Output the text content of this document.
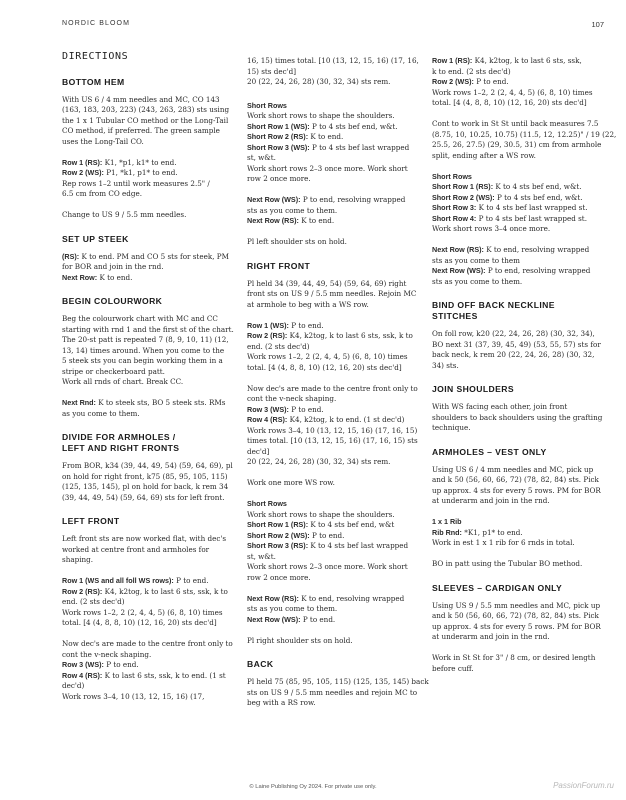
NORDIC BLOOM	107
DIRECTIONS
BOTTOM HEM

With US 6 / 4 mm needles and MC, CO 143
(163, 183, 203, 223) (243, 263, 283) sts using
the 1 x 1 Tubular CO method or the Long-Tail
CO method, if preferred. The green sample
uses the Long-Tail CO.

Row 1 (RS): K1, *p1, k1* to end.
Row 2 (WS): P1, *k1, p1* to end.
Rep rows 1–2 until work measures 2.5" /
6.5 cm from CO edge.

Change to US 9 / 5.5 mm needles.

SET UP STEEK

(RS): K to end. PM and CO 5 sts for steek, PM
for BOR and join in the rnd.
Next Row: K to end.

BEGIN COLOURWORK

Beg the colourwork chart with MC and CC
starting with rnd 1 and the first st of the chart.
The 20-st patt is repeated 7 (8, 9, 10, 11) (12,
13, 14) times around. When you come to the
5 steek sts you can begin working them in a
stripe or checkerboard patt.
Work all rnds of chart. Break CC.

Next Rnd: K to steek sts, BO 5 steek sts. RMs
as you come to them.

DIVIDE FOR ARMHOLES /
LEFT AND RIGHT FRONTS

From BOR, k34 (39, 44, 49, 54) (59, 64, 69), pl
on hold for right front, k75 (85, 95, 105, 115)
(125, 135, 145), pl on hold for back, k rem 34
(39, 44, 49, 54) (59, 64, 69) sts for left front.

LEFT FRONT

Left front sts are now worked flat, with dec's
worked at centre front and armholes for
shaping.

Row 1 (WS and all foll WS rows): P to end.
Row 2 (RS): K4, k2tog, k to last 6 sts, ssk, k to
end. (2 sts dec'd)
Work rows 1–2, 2 (2, 4, 4, 5) (6, 8, 10) times
total. [4 (4, 8, 8, 10) (12, 16, 20) sts dec'd]

Now dec's are made to the centre front only to
cont the v-neck shaping.
Row 3 (WS): P to end.
Row 4 (RS): K to last 6 sts, ssk, k to end. (1 st
dec'd)
Work rows 3–4, 10 (13, 12, 15, 16) (17,

16, 15) times total. [10 (13, 12, 15, 16) (17, 16,
15) sts dec'd]
20 (22, 24, 26, 28) (30, 32, 34) sts rem.

Short Rows
Work short rows to shape the shoulders.
Short Row 1 (WS): P to 4 sts bef end, w&t.
Short Row 2 (RS): K to end.
Short Row 3 (WS): P to 4 sts bef last wrapped
st, w&t.
Work short rows 2–3 once more. Work short
row 2 once more.

Next Row (WS): P to end, resolving wrapped
sts as you come to them.
Next Row (RS): K to end.

Pl left shoulder sts on hold.

RIGHT FRONT

Pl held 34 (39, 44, 49, 54) (59, 64, 69) right
front sts on US 9 / 5.5 mm needles. Rejoin MC
at armhole to beg with a WS row.

Row 1 (WS): P to end.
Row 2 (RS): K4, k2tog, k to last 6 sts, ssk, k to
end. (2 sts dec'd)
Work rows 1–2, 2 (2, 4, 4, 5) (6, 8, 10) times
total. [4 (4, 8, 8, 10) (12, 16, 20) sts dec'd]

Now dec's are made to the centre front only to
cont the v-neck shaping.
Row 3 (WS): P to end.
Row 4 (RS): K4, k2tog, k to end. (1 st dec'd)
Work rows 3–4, 10 (13, 12, 15, 16) (17, 16, 15)
times total. [10 (13, 12, 15, 16) (17, 16, 15) sts
dec'd]
20 (22, 24, 26, 28) (30, 32, 34) sts rem.

Work one more WS row.

Short Rows
Work short rows to shape the shoulders.
Short Row 1 (RS): K to 4 sts bef end, w&t
Short Row 2 (WS): P to end.
Short Row 3 (RS): K to 4 sts bef last wrapped
st, w&t.
Work short rows 2–3 once more. Work short
row 2 once more.

Next Row (RS): K to end, resolving wrapped
sts as you come to them.
Next Row (WS): P to end.

Pl right shoulder sts on hold.

BACK

Pl held 75 (85, 95, 105, 115) (125, 135, 145) back
sts on US 9 / 5.5 mm needles and rejoin MC to
beg with a RS row.

Row 1 (RS): K4, k2tog, k to last 6 sts, ssk,
k to end. (2 sts dec'd)
Row 2 (WS): P to end.
Work rows 1–2, 2 (2, 4, 4, 5) (6, 8, 10) times
total. [4 (4, 8, 8, 10) (12, 16, 20) sts dec'd]

Cont to work in St St until back measures 7.5
(8.75, 10, 10.25, 10.75) (11.5, 12, 12.25)" / 19 (22,
25.5, 26, 27.5) (29, 30.5, 31) cm from armhole
split, ending after a WS row.

Short Rows
Short Row 1 (RS): K to 4 sts bef end, w&t.
Short Row 2 (WS): P to 4 sts bef end, w&t.
Short Row 3: K to 4 sts bef last wrapped st.
Short Row 4: P to 4 sts bef last wrapped st.
Work short rows 3–4 once more.

Next Row (RS): K to end, resolving wrapped
sts as you come to them
Next Row (WS): P to end, resolving wrapped
sts as you come to them.

BIND OFF BACK NECKLINE
STITCHES

On foll row, k20 (22, 24, 26, 28) (30, 32, 34),
BO next 31 (37, 39, 45, 49) (53, 55, 57) sts for
back neck, k rem 20 (22, 24, 26, 28) (30, 32,
34) sts.

JOIN SHOULDERS

With WS facing each other, join front
shoulders to back shoulders using the grafting
technique.

ARMHOLES – VEST ONLY

Using US 6 / 4 mm needles and MC, pick up
and k 50 (56, 60, 66, 72) (78, 82, 84) sts. Pick
up approx. 4 sts for every 5 rows. PM for BOR
at underarm and join in the rnd.

1 x 1 Rib
Rib Rnd: *K1, p1* to end.
Work in est 1 x 1 rib for 6 rnds in total.

BO in patt using the Tubular BO method.

SLEEVES – CARDIGAN ONLY

Using US 9 / 5.5 mm needles and MC, pick up
and k 50 (56, 60, 66, 72) (78, 82, 84) sts. Pick
up approx. 4 sts for every 5 rows. PM for BOR
at underarm and join in the rnd.

Work in St St for 3" / 8 cm, or desired length
before cuff.

© Laine Publishing Oy 2024. For private use only.	PassionForum.ru
